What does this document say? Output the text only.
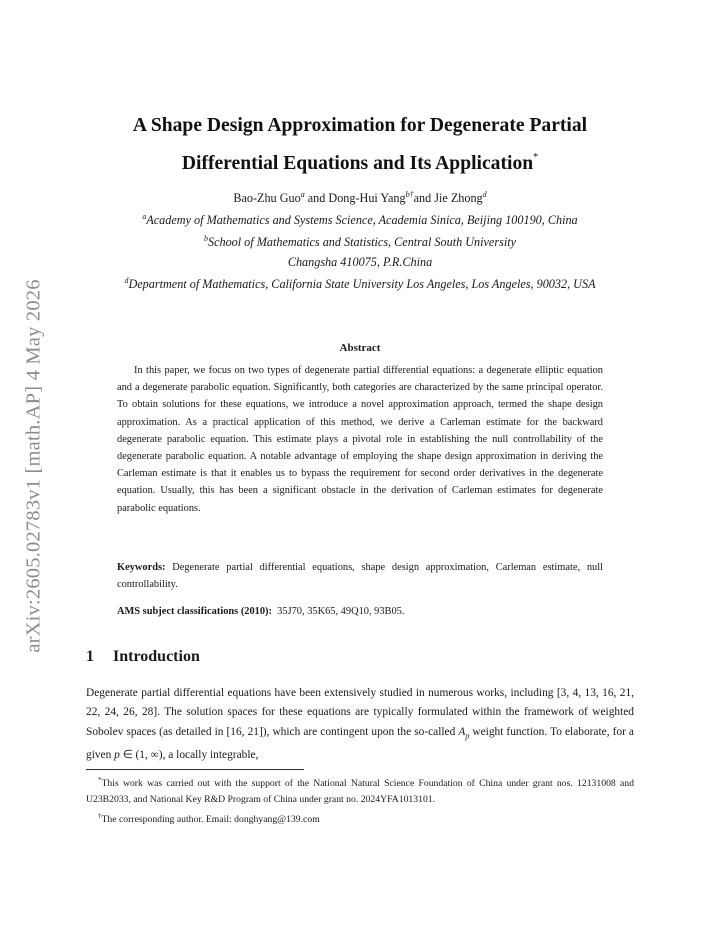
arXiv:2605.02783v1 [math.AP] 4 May 2026
A Shape Design Approximation for Degenerate Partial
Differential Equations and Its Application*
Bao-Zhu Guo$^a$ and Dong-Hui Yang$^{b\dagger}$and Jie Zhong$^d$
$^a$Academy of Mathematics and Systems Science, Academia Sinica, Beijing 100190, China
$^b$School of Mathematics and Statistics, Central South University
Changsha 410075, P.R.China
$^d$Department of Mathematics, California State University Los Angeles, Los Angeles, 90032, USA
Abstract

In this paper, we focus on two types of degenerate partial differential equations: a degenerate elliptic equation and a degenerate parabolic equation. Significantly, both categories are characterized by the same principal operator. To obtain solutions for these equations, we introduce a novel approximation approach, termed the shape design approximation. As a practical application of this method, we derive a Carleman estimate for the backward degenerate parabolic equation. This estimate plays a pivotal role in establishing the null controllability of the degenerate parabolic equation. A notable advantage of employing the shape design approximation in deriving the Carleman estimate is that it enables us to bypass the requirement for second order derivatives in the degenerate equation. Usually, this has been a significant obstacle in the derivation of Carleman estimates for degenerate parabolic equations.

Keywords: Degenerate partial differential equations, shape design approximation, Carleman estimate, null controllability.

AMS subject classifications (2010):  35J70, 35K65, 49Q10, 93B05.

1 Introduction

Degenerate partial differential equations have been extensively studied in numerous works, including [3, 4, 13, 16, 21, 22, 24, 26, 28]. The solution spaces for these equations are typically formulated within the framework of weighted Sobolev spaces (as detailed in [16, 21]), which are contingent upon the so-called $A_p$ weight function. To elaborate, for a given p ∈ (1, ∞), a locally integrable,

*This work was carried out with the support of the National Natural Science Foundation of China under grant nos. 12131008 and U23B2033, and National Key R&D Program of China under grant no. 2024YFA1013101.

†The corresponding author. Email: donghyang@139.com
